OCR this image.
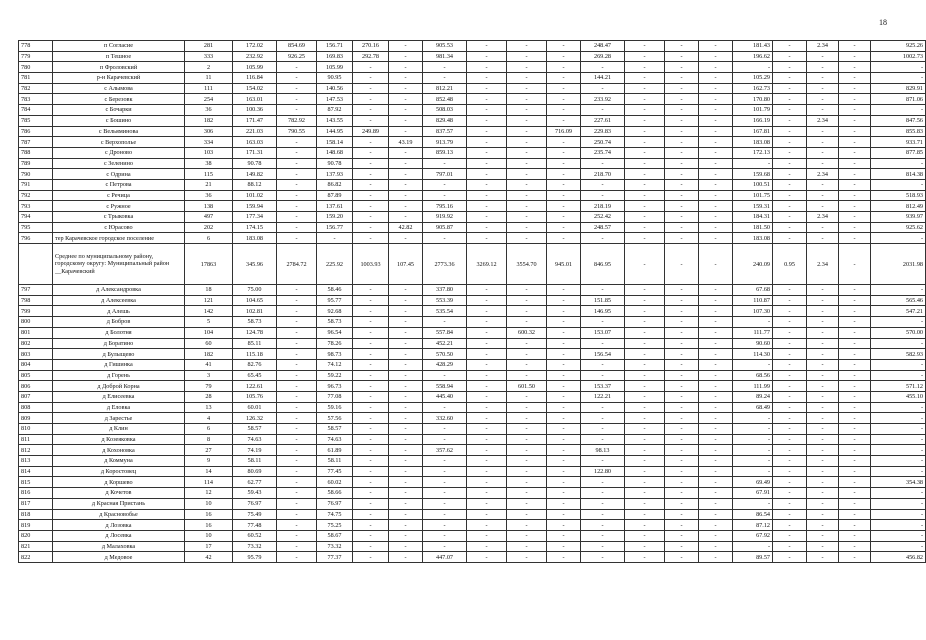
18
778	п Согласие	281	172.02	854.69	156.71	270.16	-	905.53	-	-	-	248.47	-	-	-	181.43	-	2.34	-	925.26
779	п Тешное	333	232.92	926.25	169.83	292.78	-	981.34	-	-	-	269.28	-	-	-	196.62	-	-	-	1002.73
780	п Фроловский	2	105.99	-	105.99	-	-	-	-	-	-	-	-	-	-	-	-	-	-	-
781	р-н Карачевский	11	116.84	-	90.95	-	-	-	-	-	-	144.21	-	-	-	105.29	-	-	-	-
782	с Алымова	111	154.02	-	140.56	-	-	812.21	-	-	-	-	-	-	-	162.73	-	-	-	829.91
783	с Березовк	254	163.01	-	147.53	-	-	852.48	-	-	-	233.92	-	-	-	170.80	-	-	-	871.06
784	с Бочарки	36	100.36	-	87.92	-	-	508.03	-	-	-	-	-	-	-	101.79	-	-	-	-
785	с Бошино	182	171.47	782.92	143.55	-	-	829.48	-	-	-	227.61	-	-	-	166.19	-	2.34	-	847.56
786	с Вельяминова	306	221.03	790.55	144.95	249.89	-	837.57	-	-	716.09	229.83	-	-	-	167.81	-	-	-	855.83
787	с Верхополье	334	163.03	-	158.14	-	43.19	913.79	-	-	-	250.74	-	-	-	183.08	-	-	-	933.71
788	с Дроново	103	171.31	-	148.68	-	-	859.13	-	-	-	235.74	-	-	-	172.13	-	-	-	877.85
789	с Зеленино	38	90.78	-	90.78	-	-	-	-	-	-	-	-	-	-	-	-	-	-	-
790	с Одрина	115	149.82	-	137.93	-	-	797.01	-	-	-	218.70	-	-	-	159.68	-	2.34	-	814.38
791	с Петрова	21	88.12	-	86.82	-	-	-	-	-	-	-	-	-	-	100.51	-	-	-	-
792	с Речица	36	101.02	-	87.89	-	-	-	-	-	-	-	-	-	-	101.75	-	-	-	518.93
793	с Ружное	138	159.94	-	137.61	-	-	795.16	-	-	-	218.19	-	-	-	159.31	-	-	-	812.49
794	с Трыковка	497	177.34	-	159.20	-	-	919.92	-	-	-	252.42	-	-	-	184.31	-	2.34	-	939.97
795	с Юрасово	202	174.15	-	156.77	-	42.82	905.87	-	-	-	248.57	-	-	-	181.50	-	-	-	925.62
796	тер Карачевское городское поселение	6	183.08	-	-	-	-	-	-	-	-	-	-	-	-	183.08	-	-	-	-
	Среднее по муниципальному району, городскому округу: Муниципальный район __Карачевский	17863	345.96	2784.72	225.92	1003.93	107.45	2773.36	3269.12	3554.70	945.01	846.95	-	-	-	240.09	0.95	2.34	-	2031.98
797	д Александровка	18	75.00	-	58.46	-	-	337.80	-	-	-	-	-	-	-	67.68	-	-	-	-
798	д Алексеевка	121	104.65	-	95.77	-	-	553.39	-	-	-	151.85	-	-	-	110.87	-	-	-	565.46
799	д Алешь	142	102.81	-	92.68	-	-	535.54	-	-	-	146.95	-	-	-	107.30	-	-	-	547.21
800	д Бобров	5	58.73	-	58.73	-	-	-	-	-	-	-	-	-	-	-	-	-	-	-
801	д Болотня	104	124.78	-	96.54	-	-	557.84	-	600.32	-	153.07	-	-	-	111.77	-	-	-	570.00
802	д Боратино	60	85.11	-	78.26	-	-	452.21	-	-	-	-	-	-	-	90.60	-	-	-	-
803	д Булыщево	182	115.18	-	98.73	-	-	570.50	-	-	-	156.54	-	-	-	114.30	-	-	-	582.93
804	д Гишинка	41	82.76	-	74.12	-	-	428.29	-	-	-	-	-	-	-	-	-	-	-	-
805	д Горень	3	65.45	-	59.22	-	-	-	-	-	-	-	-	-	-	68.56	-	-	-	-
806	д Доброй Корна	79	122.61	-	96.73	-	-	558.94	-	601.50	-	153.37	-	-	-	111.99	-	-	-	571.12
807	д Елисеевка	28	105.76	-	77.08	-	-	445.40	-	-	-	122.21	-	-	-	89.24	-	-	-	455.10
808	д Еловка	13	60.01	-	59.16	-	-	-	-	-	-	-	-	-	-	68.49	-	-	-	-
809	д Зарестье	4	126.32	-	57.56	-	-	332.60	-	-	-	-	-	-	-	-	-	-	-	-
810	д Клин	6	58.57	-	58.57	-	-	-	-	-	-	-	-	-	-	-	-	-	-	-
811	д Козеяковка	8	74.63	-	74.63	-	-	-	-	-	-	-	-	-	-	-	-	-	-	-
812	д Кохоновка	27	74.19	-	61.89	-	-	357.62	-	-	-	98.13	-	-	-	-	-	-	-	-
813	д Коммуна	9	58.11	-	58.11	-	-	-	-	-	-	-	-	-	-	-	-	-	-	-
814	д Коростовец	14	80.69	-	77.45	-	-	-	-	-	-	122.80	-	-	-	-	-	-	-	-
815	д Коршево	114	62.77	-	60.02	-	-	-	-	-	-	-	-	-	-	69.49	-	-	-	354.38
816	д Кочетов	12	59.43	-	58.66	-	-	-	-	-	-	-	-	-	-	67.91	-	-	-	-
817	д Красная Пристань	10	76.97	-	76.97	-	-	-	-	-	-	-	-	-	-	-	-	-	-	-
818	д Красновобье	16	75.49	-	74.75	-	-	-	-	-	-	-	-	-	-	86.54	-	-	-	-
819	д Лозовка	16	77.48	-	75.25	-	-	-	-	-	-	-	-	-	-	87.12	-	-	-	-
820	д Лосевка	10	60.52	-	58.67	-	-	-	-	-	-	-	-	-	-	67.92	-	-	-	-
821	д Малаховка	17	73.32	-	73.32	-	-	-	-	-	-	-	-	-	-	-	-	-	-	-
822	д Медовое	42	95.79	-	77.37	-	-	447.07	-	-	-	-	-	-	-	89.57	-	-	-	456.82
